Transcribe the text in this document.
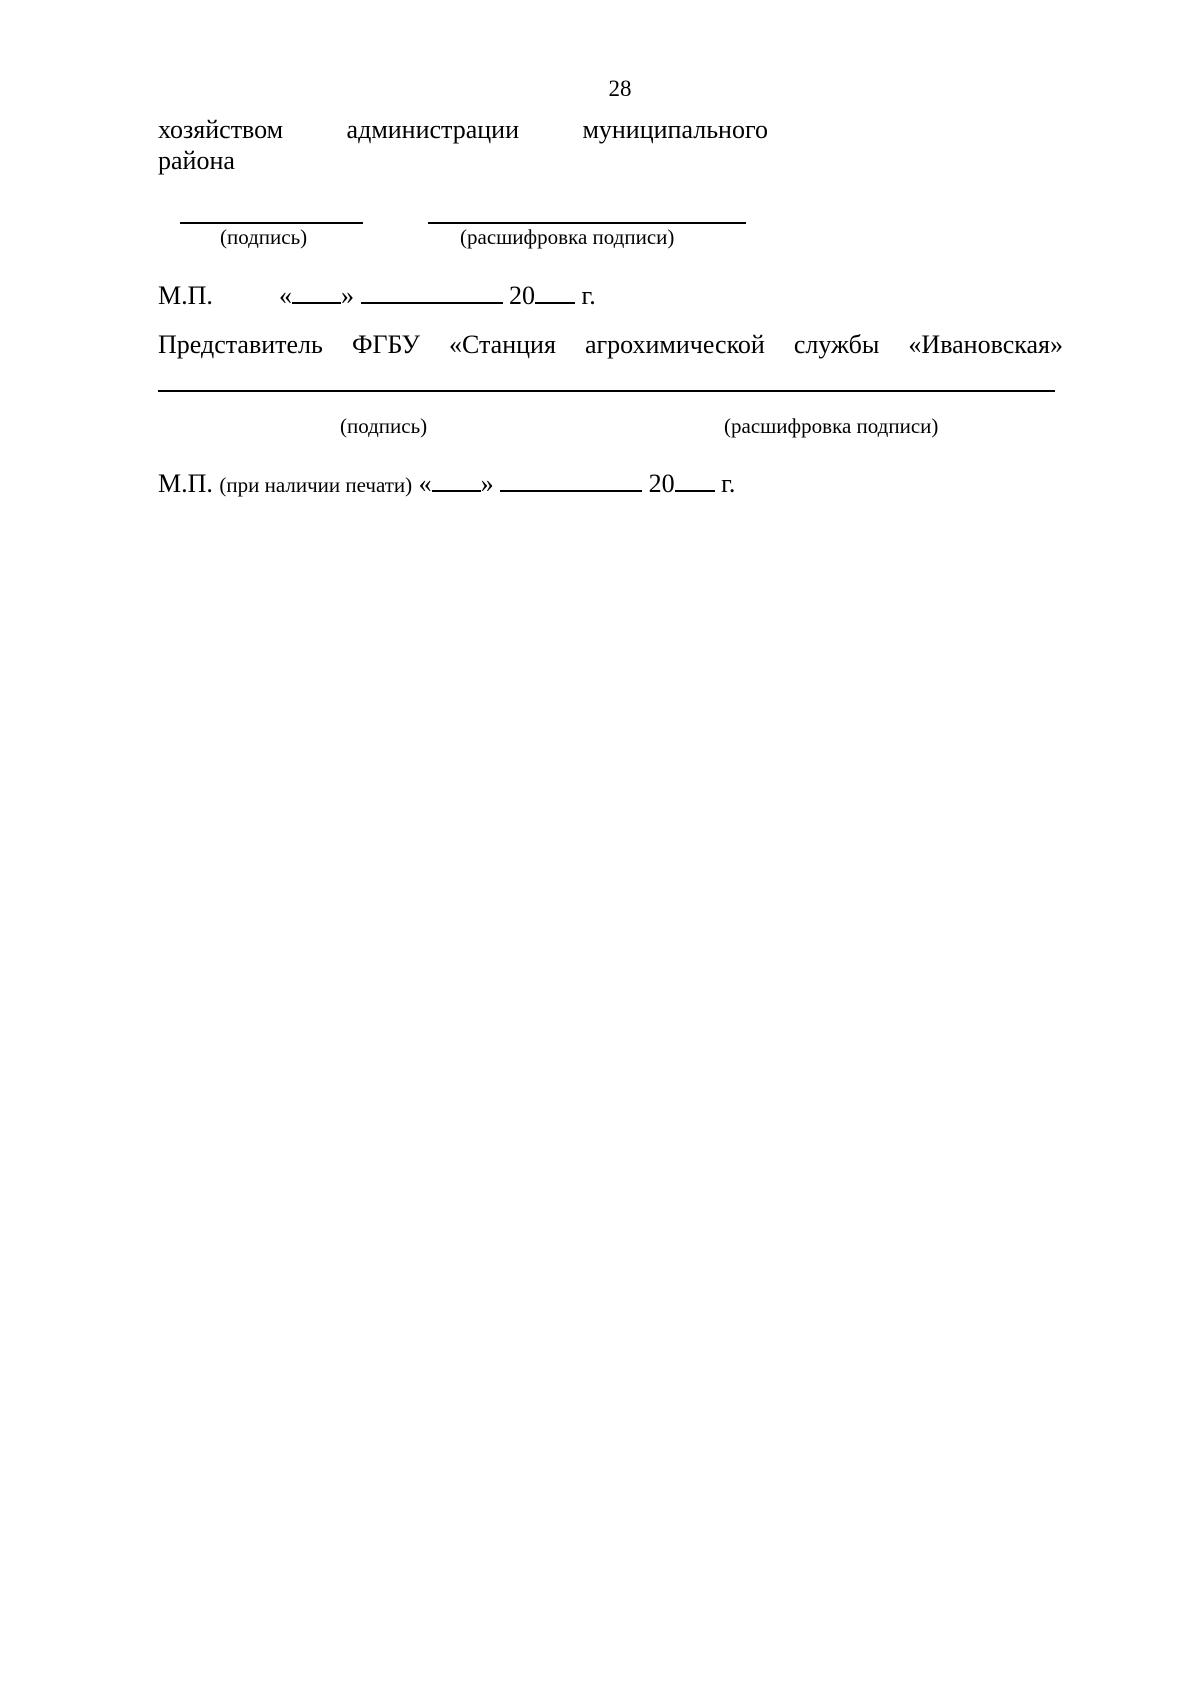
28
хозяйством администрации муниципального
района
(подпись)	(расшифровка подписи)
М.П.	« »	20 г.
Представитель ФГБУ «Станция агрохимической службы «Ивановская»
(подпись)	(расшифровка подписи)
М.П. (при наличии печати) « »	20 г.
